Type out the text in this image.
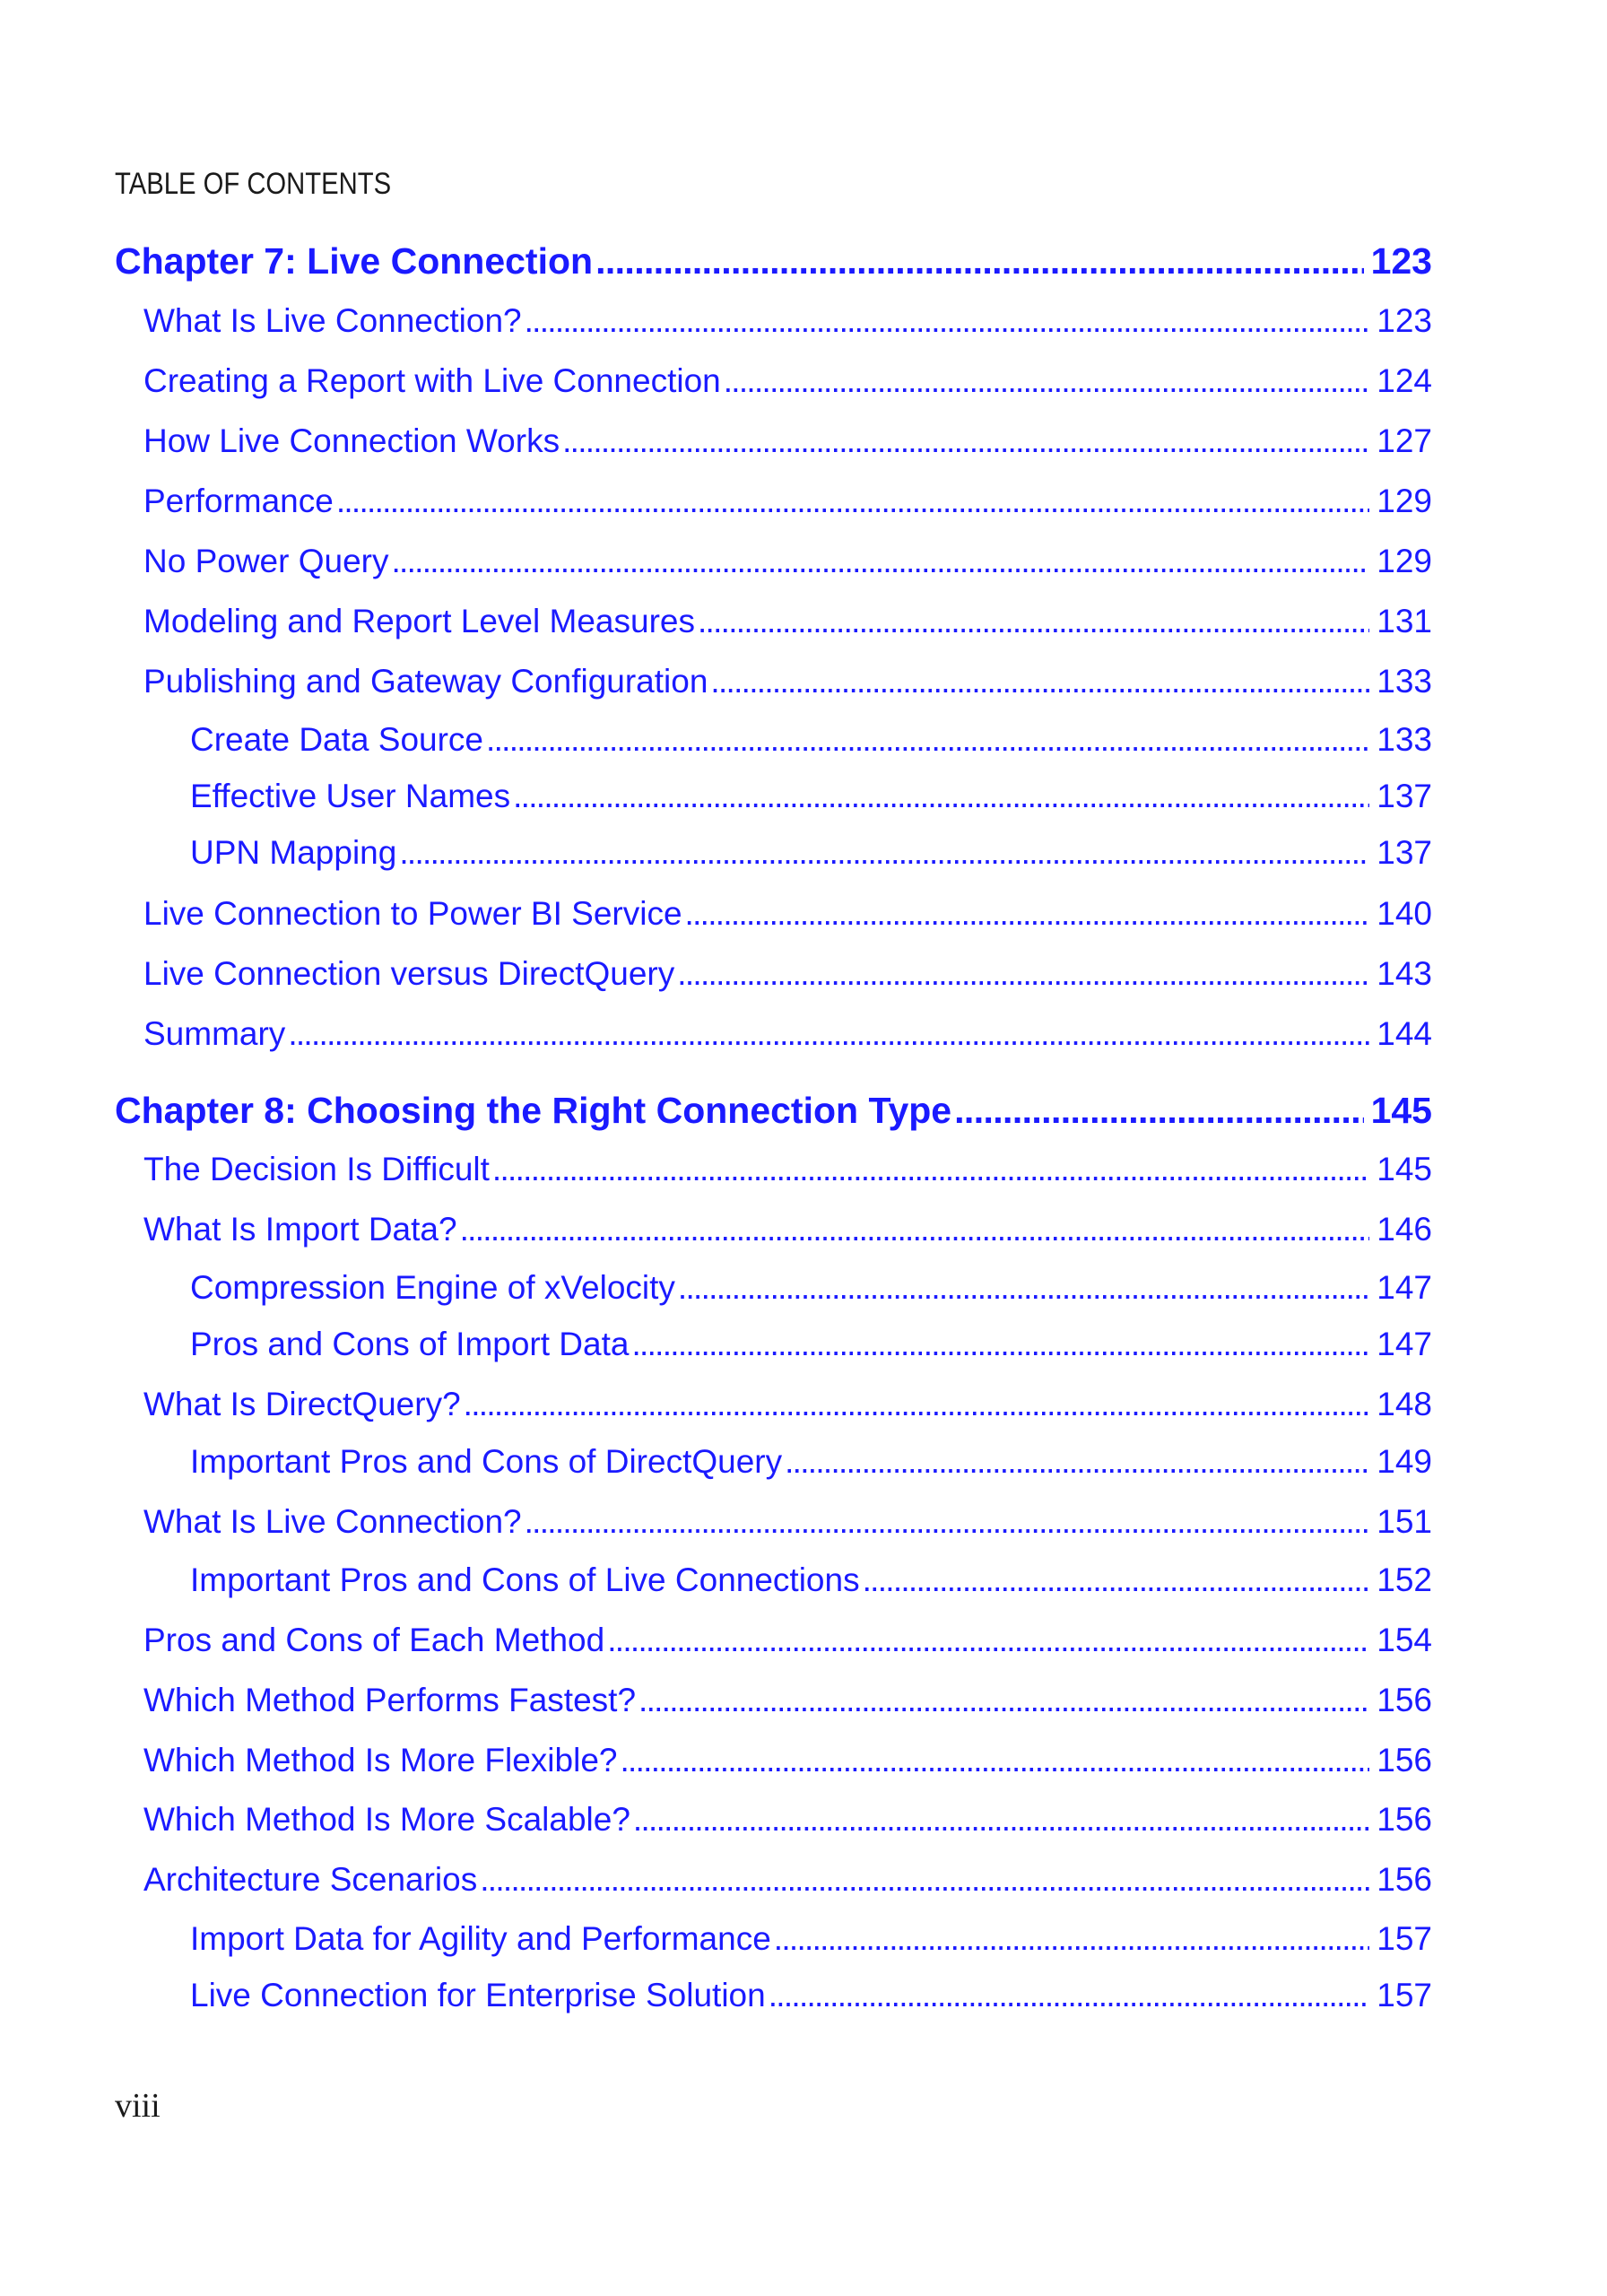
TABLE OF CONTENTS
Chapter 7: Live Connection . . .	123
What Is Live Connection? . . .	123
Creating a Report with Live Connection . . .	124
How Live Connection Works . . .	127
Performance . . .	129
No Power Query . . .	129
Modeling and Report Level Measures . . .	131
Publishing and Gateway Configuration . . .	133
Create Data Source . . .	133
Effective User Names . . .	137
UPN Mapping . . .	137
Live Connection to Power BI Service . . .	140
Live Connection versus DirectQuery . . .	143
Summary . . .	144
Chapter 8: Choosing the Right Connection Type . . .	145
The Decision Is Difficult . . .	145
What Is Import Data? . . .	146
Compression Engine of xVelocity . . .	147
Pros and Cons of Import Data . . .	147
What Is DirectQuery? . . .	148
Important Pros and Cons of DirectQuery . . .	149
What Is Live Connection? . . .	151
Important Pros and Cons of Live Connections . . .	152
Pros and Cons of Each Method . . .	154
Which Method Performs Fastest? . . .	156
Which Method Is More Flexible? . . .	156
Which Method Is More Scalable? . . .	156
Architecture Scenarios . . .	156
Import Data for Agility and Performance . . .	157
Live Connection for Enterprise Solution . . .	157
viii
